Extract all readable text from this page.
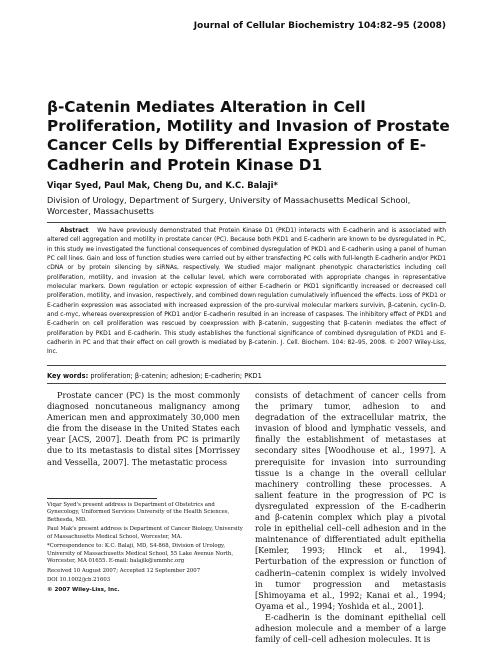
Journal of Cellular Biochemistry 104:82–95 (2008)
β-Catenin Mediates Alteration in Cell Proliferation, Motility and Invasion of Prostate Cancer Cells by Differential Expression of E-Cadherin and Protein Kinase D1
Viqar Syed, Paul Mak, Cheng Du, and K.C. Balaji*
Division of Urology, Department of Surgery, University of Massachusetts Medical School, Worcester, Massachusetts
Abstract We have previously demonstrated that Protein Kinase D1 (PKD1) interacts with E-cadherin and is associated with altered cell aggregation and motility in prostate cancer (PC). Because both PKD1 and E-cadherin are known to be dysregulated in PC, in this study we investigated the functional consequences of combined dysregulation of PKD1 and E-cadherin using a panel of human PC cell lines. Gain and loss of function studies were carried out by either transfecting PC cells with full-length E-cadherin and/or PKD1 cDNA or by protein silencing by siRNAs, respectively. We studied major malignant phenotypic characteristics including cell proliferation, motility, and invasion at the cellular level, which were corroborated with appropriate changes in representative molecular markers. Down regulation or ectopic expression of either E-cadherin or PKD1 significantly increased or decreased cell proliferation, motility, and invasion, respectively, and combined down regulation cumulatively influenced the effects. Loss of PKD1 or E-cadherin expression was associated with increased expression of the pro-survival molecular markers survivin, β-catenin, cyclin-D, and c-myc, whereas overexpression of PKD1 and/or E-cadherin resulted in an increase of caspases. The inhibitory effect of PKD1 and E-cadherin on cell proliferation was rescued by coexpression with β-catenin, suggesting that β-catenin mediates the effect of proliferation by PKD1 and E-cadherin. This study establishes the functional significance of combined dysregulation of PKD1 and E-cadherin in PC and that their effect on cell growth is mediated by β-catenin. J. Cell. Biochem. 104: 82–95, 2008. © 2007 Wiley-Liss, Inc.
Key words: proliferation; β-catenin; adhesion; E-cadherin; PKD1

Prostate cancer (PC) is the most commonly diagnosed noncutaneous malignancy among American men and approximately 30,000 men die from the disease in the United States each year [ACS, 2007]. Death from PC is primarily due to its metastasis to distal sites [Morrissey and Vessella, 2007]. The metastatic process

Viqar Syed's present address is Department of Obstetrics and Gynecology, Uniformed Services University of the Health Sciences, Bethesda, MD.
Paul Mak's present address is Department of Cancer Biology, University of Massachusetts Medical School, Worcester, MA.
*Correspondence to: K.C. Balaji, MD, S4-868, Division of Urology, University of Massachusetts Medical School, 55 Lake Avenue North, Worcester, MA 01655. E-mail: balajik@ummhc.org
Received 10 August 2007; Accepted 12 September 2007
DOI 10.1002/jcb.21603
© 2007 Wiley-Liss, Inc.

consists of detachment of cancer cells from the primary tumor, adhesion to and degradation of the extracellular matrix, the invasion of blood and lymphatic vessels, and finally the establishment of metastases at secondary sites [Woodhouse et al., 1997]. A prerequisite for invasion into surrounding tissue is a change in the overall cellular machinery controlling these processes. A salient feature in the progression of PC is dysregulated expression of the E-cadherin and β-catenin complex which play a pivotal role in epithelial cell–cell adhesion and in the maintenance of differentiated adult epithelia [Kemler, 1993; Hinck et al., 1994]. Perturbation of the expression or function of cadherin–catenin complex is widely involved in tumor progression and metastasis [Shimoyama et al., 1992; Kanai et al., 1994; Oyama et al., 1994; Yoshida et al., 2001].

E-cadherin is the dominant epithelial cell adhesion molecule and a member of a large family of cell–cell adhesion molecules. It is
